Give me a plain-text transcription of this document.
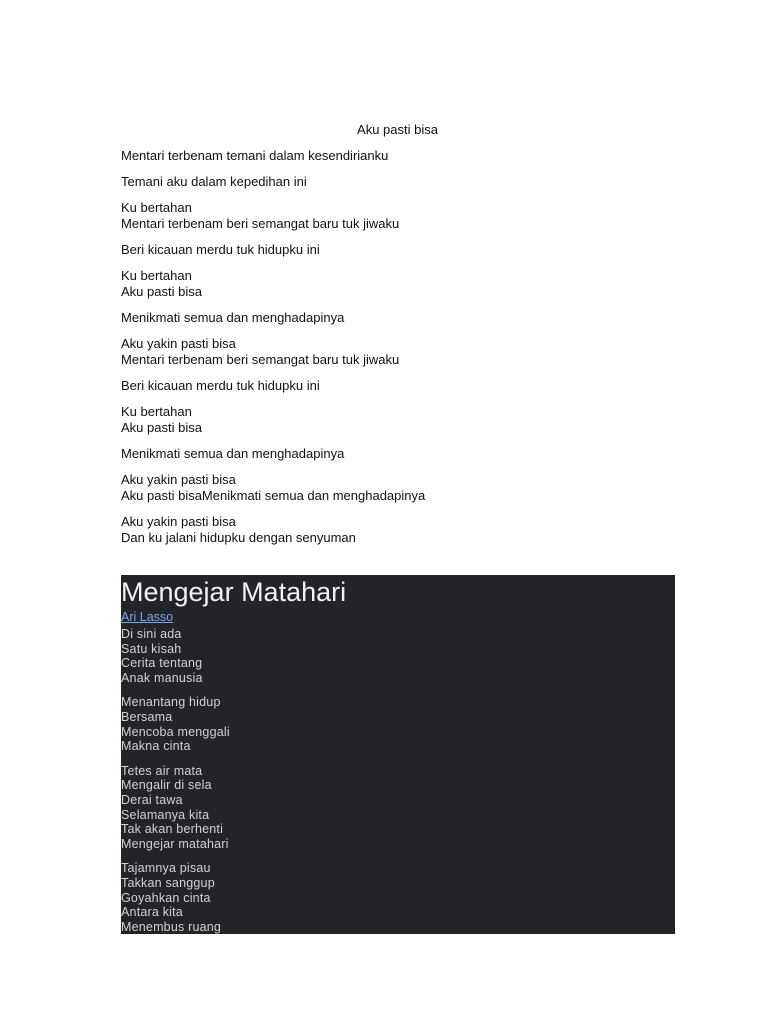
Aku pasti bisa
Mentari terbenam temani dalam kesendirianku
Temani aku dalam kepedihan ini
Ku bertahan
Mentari terbenam beri semangat baru tuk jiwaku
Beri kicauan merdu tuk hidupku ini
Ku bertahan
Aku pasti bisa
Menikmati semua dan menghadapinya
Aku yakin pasti bisa
Mentari terbenam beri semangat baru tuk jiwaku
Beri kicauan merdu tuk hidupku ini
Ku bertahan
Aku pasti bisa
Menikmati semua dan menghadapinya
Aku yakin pasti bisa
Aku pasti bisaMenikmati semua dan menghadapinya
Aku yakin pasti bisa
Dan ku jalani hidupku dengan senyuman
Mengejar Matahari
Ari Lasso
Di sini ada
Satu kisah
Cerita tentang
Anak manusia
Menantang hidup
Bersama
Mencoba menggali
Makna cinta
Tetes air mata
Mengalir di sela
Derai tawa
Selamanya kita
Tak akan berhenti
Mengejar matahari
Tajamnya pisau
Takkan sanggup
Goyahkan cinta
Antara kita
Menembus ruang
